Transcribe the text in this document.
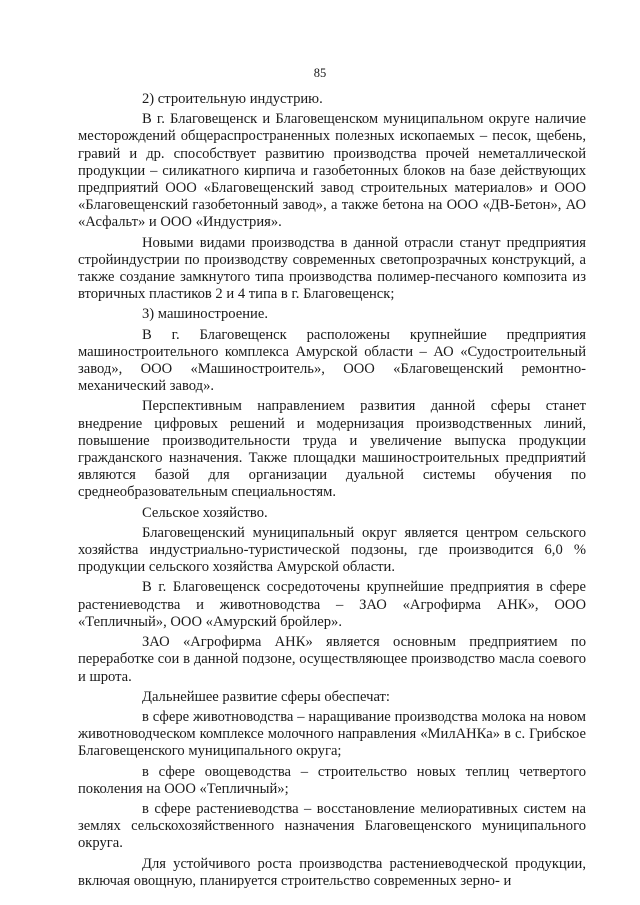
85

2) строительную индустрию.

В г. Благовещенск и Благовещенском муниципальном округе наличие месторождений общераспространенных полезных ископаемых – песок, щебень, гравий и др. способствует развитию производства прочей неметаллической продукции – силикатного кирпича и газобетонных блоков на базе действующих предприятий ООО «Благовещенский завод строительных материалов» и ООО «Благовещенский газобетонный завод», а также бетона на ООО «ДВ-Бетон», АО «Асфальт» и ООО «Индустрия».

Новыми видами производства в данной отрасли станут предприятия стройиндустрии по производству современных светопрозрачных конструкций, а также создание замкнутого типа производства полимер-песчаного композита из вторичных пластиков 2 и 4 типа в г. Благовещенск;

3) машиностроение.

В г. Благовещенск расположены крупнейшие предприятия машиностроительного комплекса Амурской области – АО «Судостроительный завод», ООО «Машиностроитель», ООО «Благовещенский ремонтно-механический завод».

Перспективным направлением развития данной сферы станет внедрение цифровых решений и модернизация производственных линий, повышение производительности труда и увеличение выпуска продукции гражданского назначения. Также площадки машиностроительных предприятий являются базой для организации дуальной системы обучения по среднеобразовательным специальностям.

Сельское хозяйство.

Благовещенский муниципальный округ является центром сельского хозяйства индустриально-туристической подзоны, где производится 6,0 % продукции сельского хозяйства Амурской области.

В г. Благовещенск сосредоточены крупнейшие предприятия в сфере растениеводства и животноводства – ЗАО «Агрофирма АНК», ООО «Тепличный», ООО «Амурский бройлер».

ЗАО «Агрофирма АНК» является основным предприятием по переработке сои в данной подзоне, осуществляющее производство масла соевого и шрота.

Дальнейшее развитие сферы обеспечат:

в сфере животноводства – наращивание производства молока на новом животноводческом комплексе молочного направления «МилАНКа» в с. Грибское Благовещенского муниципального округа;

в сфере овощеводства – строительство новых теплиц четвертого поколения на ООО «Тепличный»;

в сфере растениеводства – восстановление мелиоративных систем на землях сельскохозяйственного назначения Благовещенского муниципального округа.

Для устойчивого роста производства растениеводческой продукции, включая овощную, планируется строительство современных зерно- и
